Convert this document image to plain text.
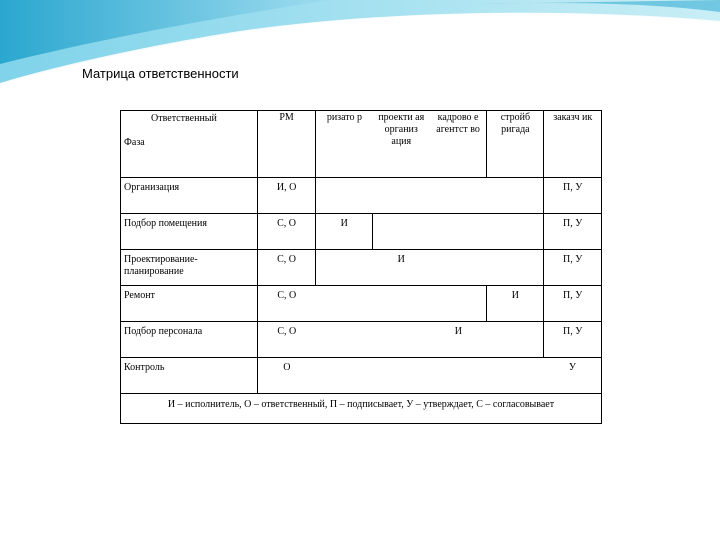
Матрица ответственности
Ответственный
Фаза	РМ	ризато р	проекти ая организ ация	кадрово е агентст во	стройб ригада	заказч ик
Организация	И, О					П, У
Подбор помещения	С, О	И				П, У
Проектирование-планирование	С, О		И			П, У
Ремонт	С, О				И	П, У
Подбор персонала	С, О			И		П, У
Контроль	О					У
И – исполнитель, О – ответственный, П – подписывает, У – утверждает, С – согласовывает
